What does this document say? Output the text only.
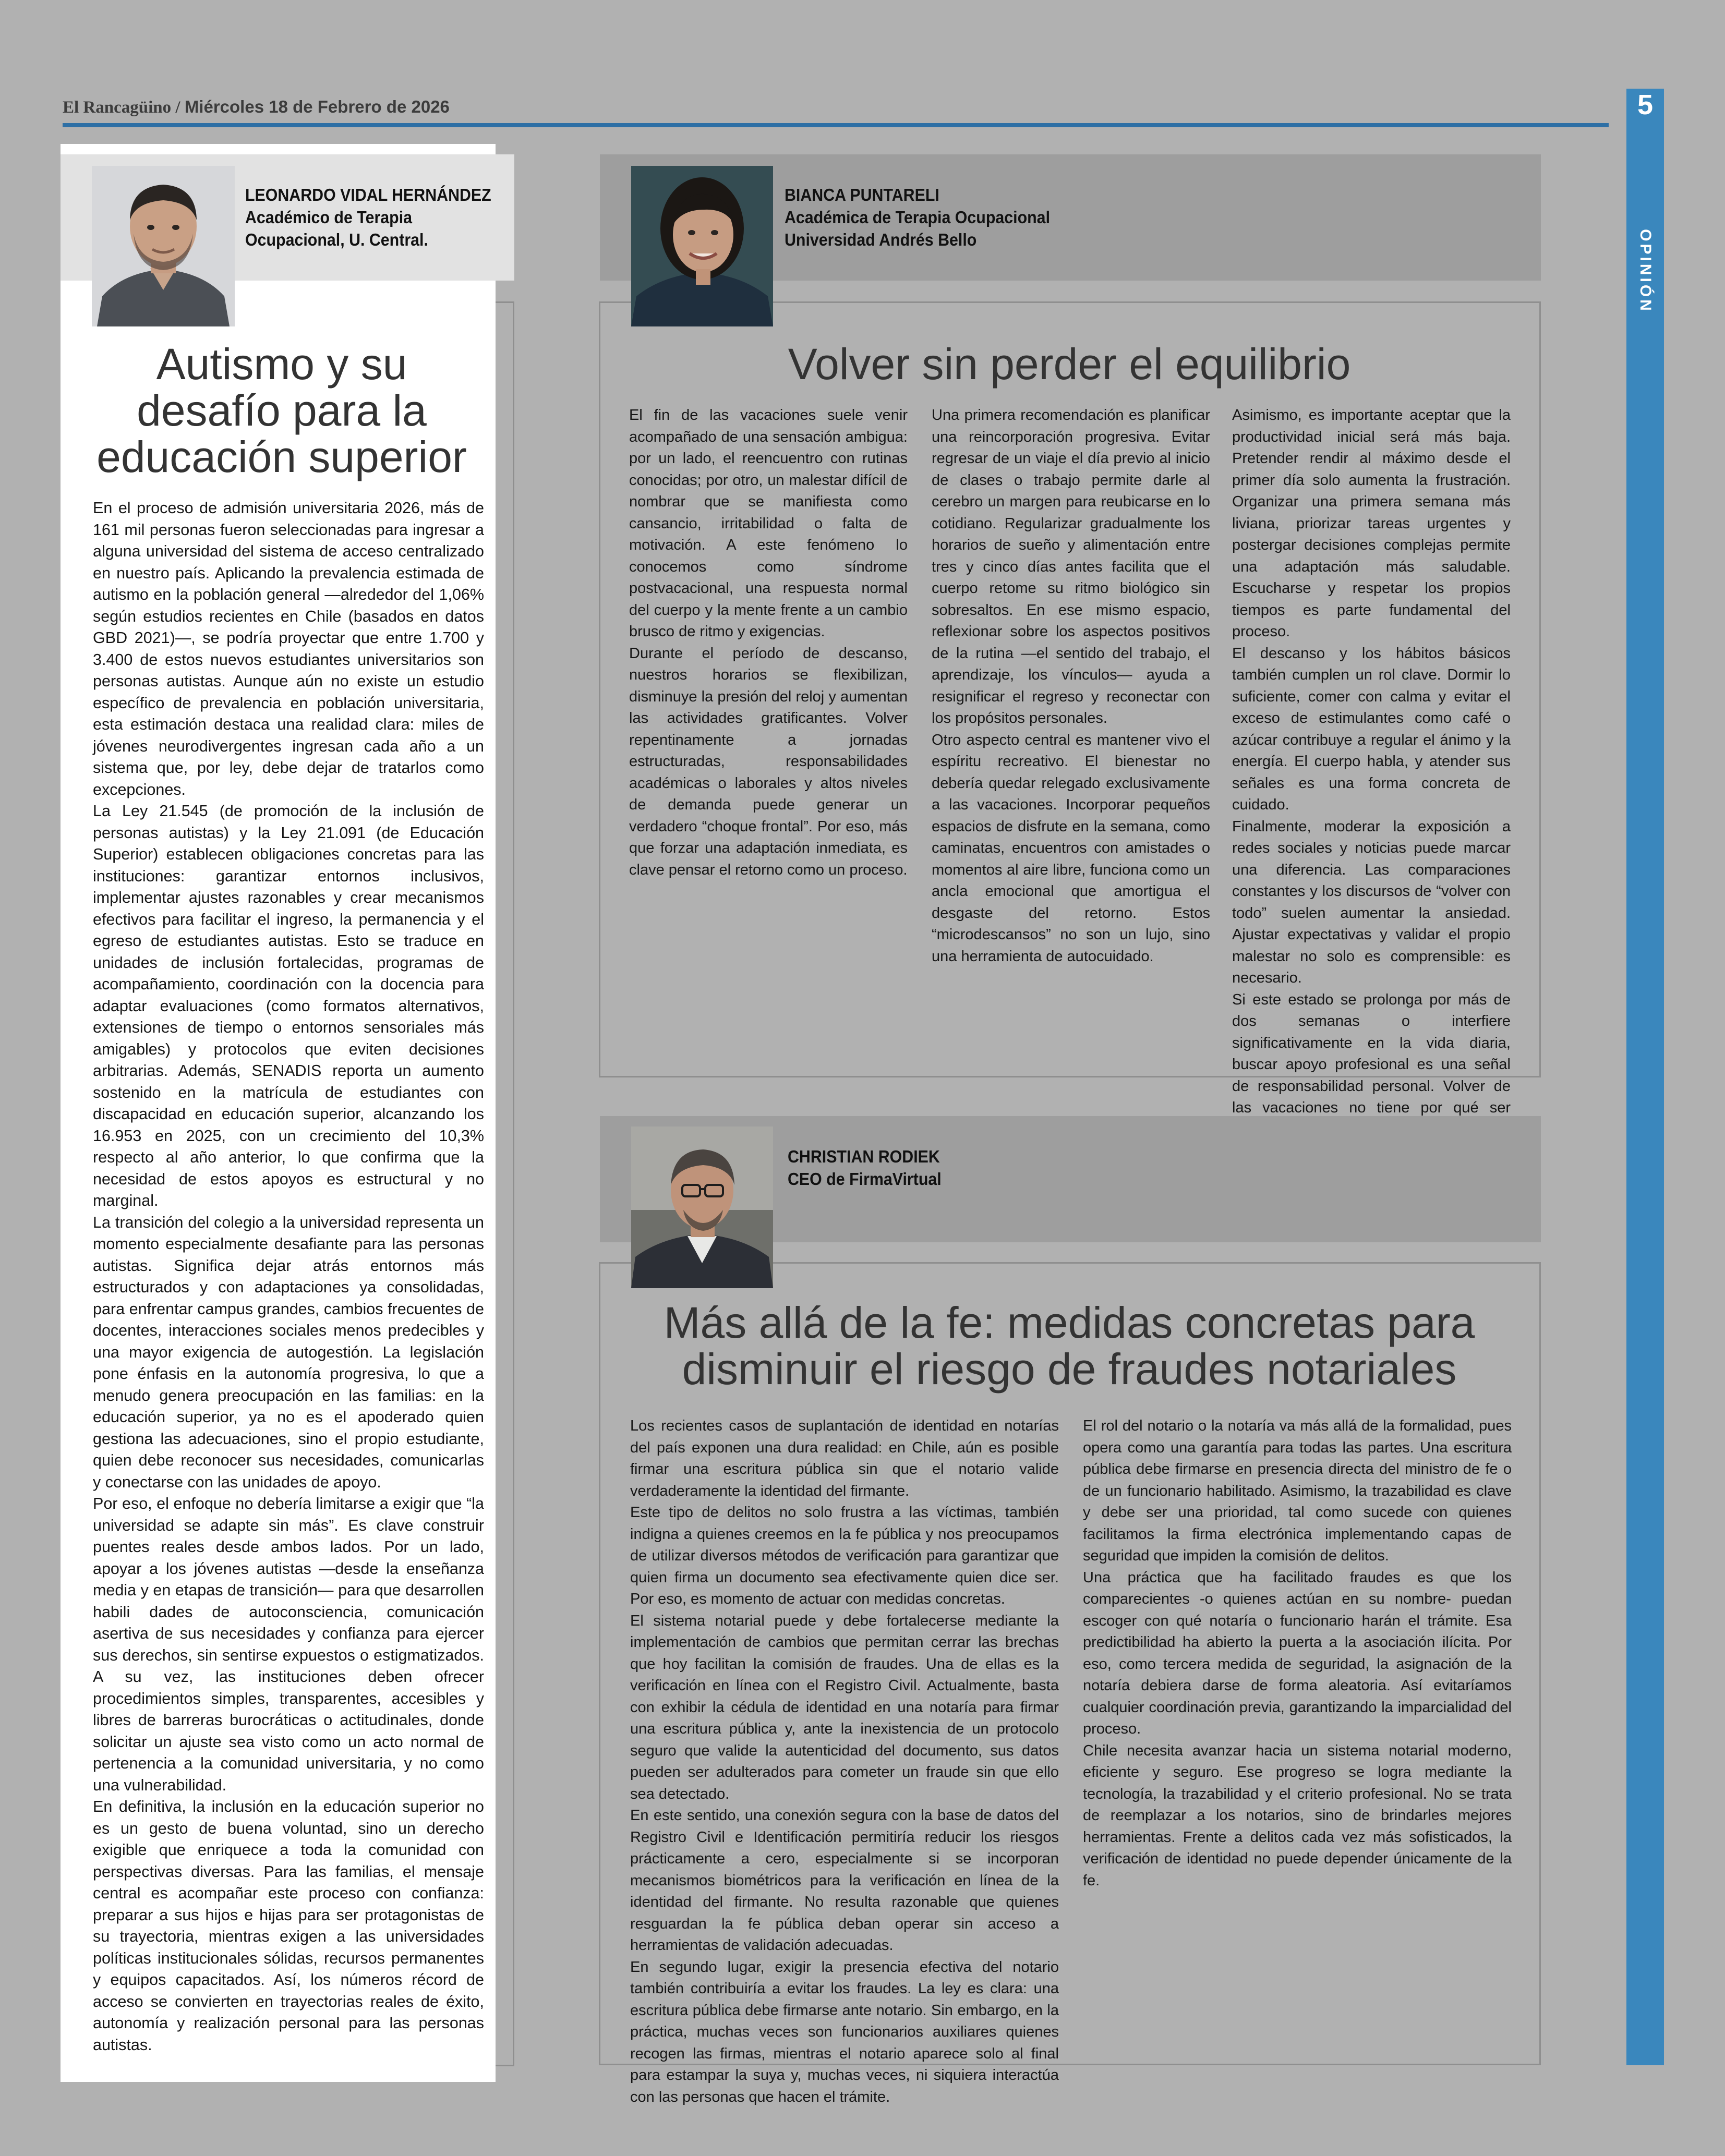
El Rancagüino / Miércoles 18 de Febrero de 2026	5
OPINIÓN
LEONARDO VIDAL HERNÁNDEZ
Académico de Terapia
Ocupacional, U. Central.
Autismo y su desafío para la educación superior

En el proceso de admisión universitaria 2026, más de 161 mil personas fueron seleccionadas para ingresar a alguna universidad del sistema de acceso centralizado en nuestro país. Aplicando la prevalencia estimada de autismo en la población general —alrededor del 1,06% según estudios recientes en Chile (basados en datos GBD 2021)—, se podría proyectar que entre 1.700 y 3.400 de estos nuevos estudiantes universitarios son personas autistas. Aunque aún no existe un estudio específico de prevalencia en población universitaria, esta estimación destaca una realidad clara: miles de jóvenes neurodivergentes ingresan cada año a un sistema que, por ley, debe dejar de tratarlos como excepciones.

La Ley 21.545 (de promoción de la inclusión de personas autistas) y la Ley 21.091 (de Educación Superior) establecen obligaciones concretas para las instituciones: garantizar entornos inclusivos, implementar ajustes razonables y crear mecanismos efectivos para facilitar el ingreso, la permanencia y el egreso de estudiantes autistas. Esto se traduce en unidades de inclusión fortalecidas, programas de acompañamiento, coordinación con la docencia para adaptar evaluaciones (como formatos alternativos, extensiones de tiempo o entornos sensoriales más amigables) y protocolos que eviten decisiones arbitrarias. Además, SENADIS reporta un aumento sostenido en la matrícula de estudiantes con discapacidad en educación superior, alcanzando los 16.953 en 2025, con un crecimiento del 10,3% respecto al año anterior, lo que confirma que la necesidad de estos apoyos es estructural y no marginal.

La transición del colegio a la universidad representa un momento especialmente desafiante para las personas autistas. Significa dejar atrás entornos más estructurados y con adaptaciones ya consolidadas, para enfrentar campus grandes, cambios frecuentes de docentes, interacciones sociales menos predecibles y una mayor exigencia de autogestión. La legislación pone énfasis en la autonomía progresiva, lo que a menudo genera preocupación en las familias: en la educación superior, ya no es el apoderado quien gestiona las adecuaciones, sino el propio estudiante, quien debe reconocer sus necesidades, comunicarlas y conectarse con las unidades de apoyo.

Por eso, el enfoque no debería limitarse a exigir que “la universidad se adapte sin más”. Es clave construir puentes reales desde ambos lados. Por un lado, apoyar a los jóvenes autistas —desde la enseñanza media y en etapas de transición— para que desarrollen habili dades de autoconsciencia, comunicación asertiva de sus necesidades y confianza para ejercer sus derechos, sin sentirse expuestos o estigmatizados. A su vez, las instituciones deben ofrecer procedimientos simples, transparentes, accesibles y libres de barreras burocráticas o actitudinales, donde solicitar un ajuste sea visto como un acto normal de pertenencia a la comunidad universitaria, y no como una vulnerabilidad.

En definitiva, la inclusión en la educación superior no es un gesto de buena voluntad, sino un derecho exigible que enriquece a toda la comunidad con perspectivas diversas. Para las familias, el mensaje central es acompañar este proceso con confianza: preparar a sus hijos e hijas para ser protagonistas de su trayectoria, mientras exigen a las universidades políticas institucionales sólidas, recursos permanentes y equipos capacitados. Así, los números récord de acceso se convierten en trayectorias reales de éxito, autonomía y realización personal para las personas autistas.

BIANCA PUNTARELI
Académica de Terapia Ocupacional
Universidad Andrés Bello
Volver sin perder el equilibrio

El fin de las vacaciones suele venir acompañado de una sensación ambigua: por un lado, el reencuentro con rutinas conocidas; por otro, un malestar difícil de nombrar que se manifiesta como cansancio, irritabilidad o falta de motivación. A este fenómeno lo conocemos como síndrome postvacacional, una respuesta normal del cuerpo y la mente frente a un cambio brusco de ritmo y exigencias.

Durante el período de descanso, nuestros horarios se flexibilizan, disminuye la presión del reloj y aumentan las actividades gratificantes. Volver repentinamente a jornadas estructuradas, responsabilidades académicas o laborales y altos niveles de demanda puede generar un verdadero “choque frontal”. Por eso, más que forzar una adaptación inmediata, es clave pensar el retorno como un proceso.

Una primera recomendación es planificar una reincorporación progresiva. Evitar regresar de un viaje el día previo al inicio de clases o trabajo permite darle al cerebro un margen para reubicarse en lo cotidiano. Regularizar gradualmente los horarios de sueño y alimentación entre tres y cinco días antes facilita que el cuerpo retome su ritmo biológico sin sobresaltos. En ese mismo espacio, reflexionar sobre los aspectos positivos de la rutina —el sentido del trabajo, el aprendizaje, los vínculos— ayuda a resignificar el regreso y reconectar con los propósitos personales.

Otro aspecto central es mantener vivo el espíritu recreativo. El bienestar no debería quedar relegado exclusivamente a las vacaciones. Incorporar pequeños espacios de disfrute en la semana, como caminatas, encuentros con amistades o momentos al aire libre, funciona como un ancla emocional que amortigua el desgaste del retorno. Estos “microdescansos” no son un lujo, sino una herramienta de autocuidado.

Asimismo, es importante aceptar que la productividad inicial será más baja. Pretender rendir al máximo desde el primer día solo aumenta la frustración. Organizar una primera semana más liviana, priorizar tareas urgentes y postergar decisiones complejas permite una adaptación más saludable. Escucharse y respetar los propios tiempos es parte fundamental del proceso.

El descanso y los hábitos básicos también cumplen un rol clave. Dormir lo suficiente, comer con calma y evitar el exceso de estimulantes como café o azúcar contribuye a regular el ánimo y la energía. El cuerpo habla, y atender sus señales es una forma concreta de cuidado.

Finalmente, moderar la exposición a redes sociales y noticias puede marcar una diferencia. Las comparaciones constantes y los discursos de “volver con todo” suelen aumentar la ansiedad. Ajustar expectativas y validar el propio malestar no solo es comprensible: es necesario.

Si este estado se prolonga por más de dos semanas o interfiere significativamente en la vida diaria, buscar apoyo profesional es una señal de responsabilidad personal. Volver de las vacaciones no tiene por qué ser

CHRISTIAN RODIEK
CEO de FirmaVirtual
Más allá de la fe: medidas concretas para disminuir el riesgo de fraudes notariales

Los recientes casos de suplantación de identidad en notarías del país exponen una dura realidad: en Chile, aún es posible firmar una escritura pública sin que el notario valide verdaderamente la identidad del firmante.

Este tipo de delitos no solo frustra a las víctimas, también indigna a quienes creemos en la fe pública y nos preocupamos de utilizar diversos métodos de verificación para garantizar que quien firma un documento sea efectivamente quien dice ser. Por eso, es momento de actuar con medidas concretas.

El sistema notarial puede y debe fortalecerse mediante la implementación de cambios que permitan cerrar las brechas que hoy facilitan la comisión de fraudes. Una de ellas es la verificación en línea con el Registro Civil. Actualmente, basta con exhibir la cédula de identidad en una notaría para firmar una escritura pública y, ante la inexistencia de un protocolo seguro que valide la autenticidad del documento, sus datos pueden ser adulterados para cometer un fraude sin que ello sea detectado.

En este sentido, una conexión segura con la base de datos del Registro Civil e Identificación permitiría reducir los riesgos prácticamente a cero, especialmente si se incorporan mecanismos biométricos para la verificación en línea de la identidad del firmante. No resulta razonable que quienes resguardan la fe pública deban operar sin acceso a herramientas de validación adecuadas.

En segundo lugar, exigir la presencia efectiva del notario también contribuiría a evitar los fraudes. La ley es clara: una escritura pública debe firmarse ante notario. Sin embargo, en la práctica, muchas veces son funcionarios auxiliares quienes recogen las firmas, mientras el notario aparece solo al final para estampar la suya y, muchas veces, ni siquiera interactúa con las personas que hacen el trámite.

El rol del notario o la notaría va más allá de la formalidad, pues opera como una garantía para todas las partes. Una escritura pública debe firmarse en presencia directa del ministro de fe o de un funcionario habilitado. Asimismo, la trazabilidad es clave y debe ser una prioridad, tal como sucede con quienes facilitamos la firma electrónica implementando capas de seguridad que impiden la comisión de delitos.

Una práctica que ha facilitado fraudes es que los comparecientes -o quienes actúan en su nombre- puedan escoger con qué notaría o funcionario harán el trámite. Esa predictibilidad ha abierto la puerta a la asociación ilícita. Por eso, como tercera medida de seguridad, la asignación de la notaría debiera darse de forma aleatoria. Así evitaríamos cualquier coordinación previa, garantizando la imparcialidad del proceso.

Chile necesita avanzar hacia un sistema notarial moderno, eficiente y seguro. Ese progreso se logra mediante la tecnología, la trazabilidad y el criterio profesional. No se trata de reemplazar a los notarios, sino de brindarles mejores herramientas. Frente a delitos cada vez más sofisticados, la verificación de identidad no puede depender únicamente de la fe.
